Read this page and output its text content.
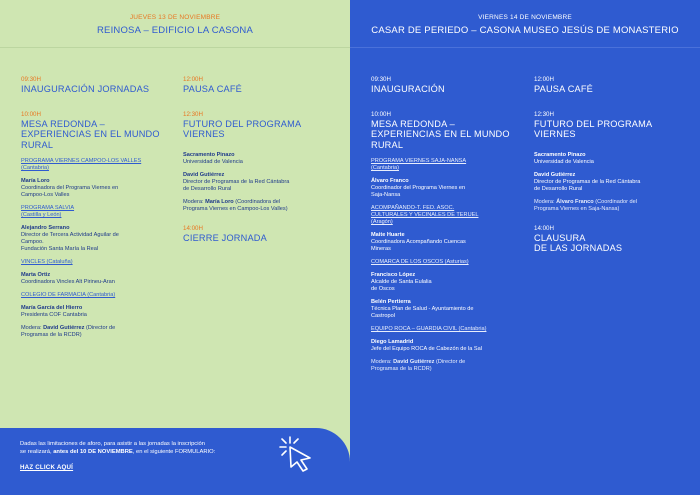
JUEVES 13 DE NOVIEMBRE
REINOSA – EDIFICIO LA CASONA
09:30H
INAUGURACIÓN JORNADAS
10:00H
MESA REDONDA –
EXPERIENCIAS EN EL MUNDO
RURAL
PROGRAMA VIERNES CAMPOO-LOS VALLES
(Cantabria)
María Loro
Coordinadora del Programa Viernes en
Campoo-Los Valles
PROGRAMA SALVIA
(Castilla y León)
Alejandro Serrano
Director de Tercera Actividad Aguilar de
Campoo.
Fundación Santa María la Real
VINCLES (Cataluña)
Marta Ortiz
Coordinadora Vincles Alt Pirineu-Aran
COLEGIO DE FARMACIA (Cantabria)
María García del Hierro
Presidenta COF Cantabria
Modera: David Gutiérrez (Director de
Programas de la RCDR)
12:00H
PAUSA CAFÉ
12:30H
FUTURO DEL PROGRAMA
VIERNES
Sacramento Pinazo
Universidad de Valencia
David Gutiérrez
Director de Programas de la Red Cántabra
de Desarrollo Rural
Modera: María Loro (Coordinadora del
Programa Viernes en Campoo-Los Valles)
14:00H
CIERRE JORNADA
Dadas las limitaciones de aforo, para asistir a las jornadas la inscripción
se realizará, antes del 10 DE NOVIEMBRE, en el siguiente FORMULARIO:
HAZ CLICK AQUÍ
VIERNES 14 DE NOVIEMBRE
CASAR DE PERIEDO – CASONA MUSEO JESÚS DE MONASTERIO
09:30H
INAUGURACIÓN
10:00H
MESA REDONDA –
EXPERIENCIAS EN EL MUNDO
RURAL
PROGRAMA VIERNES SAJA-NANSA
(Cantabria)
Álvaro Franco
Coordinador del Programa Viernes en
Saja-Nansa
ACOMPAÑANDO-T. FED. ASOC.
CULTURALES Y VECINALES DE TERUEL
(Aragón)
Maite Huarte
Coordinadora Acompañando Cuencas
Mineras
COMARCA DE LOS OSCOS (Asturias)
Francisco López
Alcalde de Santa Eulalia
de Oscos
Belén Pertierra
Técnica Plan de Salud - Ayuntamiento de
Castropol
EQUIPO ROCA – GUARDIA CIVIL (Cantabria)
Diego Lamadrid
Jefe del Equipo ROCA de Cabezón de la Sal
Modera: David Gutiérrez (Director de
Programas de la RCDR)
12:00H
PAUSA CAFÉ
12:30H
FUTURO DEL PROGRAMA
VIERNES
Sacramento Pinazo
Universidad de Valencia
David Gutiérrez
Director de Programas de la Red Cántabra
de Desarrollo Rural
Modera: Álvaro Franco (Coordinador del
Programa Viernes en Saja-Nansa)
14:00H
CLAUSURA
DE LAS JORNADAS
